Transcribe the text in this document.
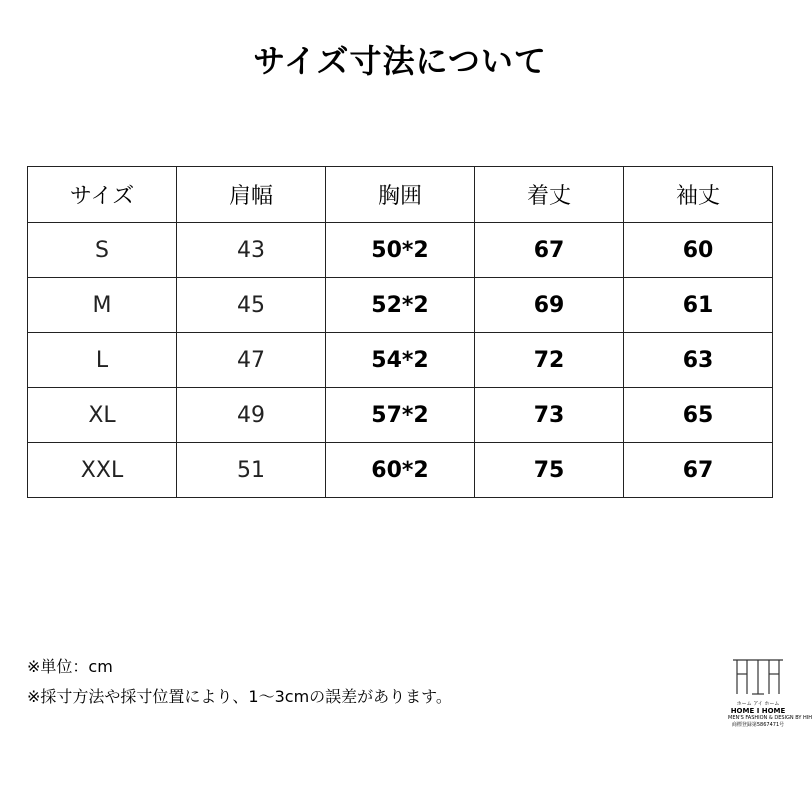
サイズ寸法について
サイズ	肩幅	胸囲	着丈	袖丈
S	43	50*2	67	60
M	45	52*2	69	61
L	47	54*2	72	63
XL	49	57*2	73	65
XXL	51	60*2	75	67
※単位：cm
※採寸方法や採寸位置により、1～3cmの誤差があります。	ホーム アイ ホーム
HOME I HOME
MEN'S FASHION & DESIGN BY HIH
商標登録第5867471号
